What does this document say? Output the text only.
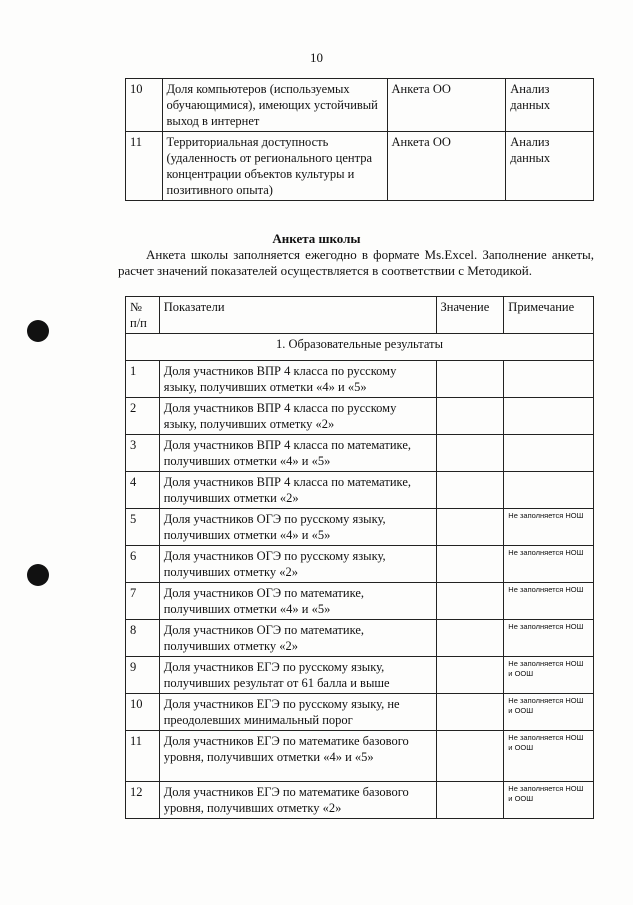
10
10	Доля компьютеров (используемых обучающимися), имеющих устойчивый выход в интернет	Анкета ОО	Анализ данных
11	Территориальная доступность (удаленность от регионального центра концентрации объектов культуры и позитивного опыта)	Анкета ОО	Анализ данных
Анкета школы
Анкета школы заполняется ежегодно в формате Ms.Excel. Заполнение анкеты, расчет значений показателей осуществляется в соответствии с Методикой.
№ п/п	Показатели	Значение	Примечание
1. Образовательные результаты			
1	Доля участников ВПР 4 класса по русскому языку, получивших отметки «4» и «5»		
2	Доля участников ВПР 4 класса по русскому языку, получивших отметку «2»		
3	Доля участников ВПР 4 класса по математике, получивших отметки «4» и «5»		
4	Доля участников ВПР 4 класса по математике, получивших отметки «2»		
5	Доля участников ОГЭ по русскому языку, получивших отметки «4» и «5»		Не заполняется НОШ
6	Доля участников ОГЭ по русскому языку, получивших отметку «2»		Не заполняется НОШ
7	Доля участников ОГЭ по математике, получивших отметки «4» и «5»		Не заполняется НОШ
8	Доля участников ОГЭ по математике, получивших отметку «2»		Не заполняется НОШ
9	Доля участников ЕГЭ по русскому языку, получивших результат от 61 балла и выше		Не заполняется НОШ и ООШ
10	Доля участников ЕГЭ по русскому языку, не преодолевших минимальный порог		Не заполняется НОШ и ООШ
11	Доля участников ЕГЭ по математике базового уровня, получивших отметки «4» и «5»		Не заполняется НОШ и ООШ
12	Доля участников ЕГЭ по математике базового уровня, получивших отметку «2»		Не заполняется НОШ и ООШ
